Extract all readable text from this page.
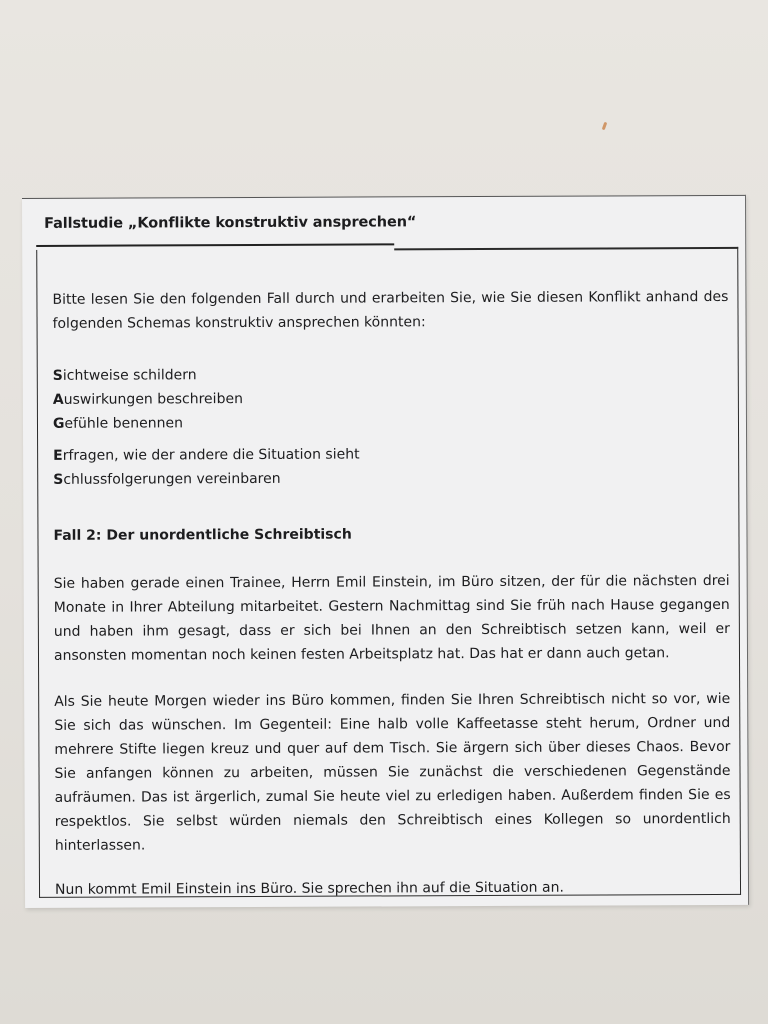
Fallstudie „Konflikte konstruktiv ansprechen“

Bitte lesen Sie den folgenden Fall durch und erarbeiten Sie, wie Sie diesen Konflikt anhand des folgenden Schemas konstruktiv ansprechen könnten:

Sichtweise schildern
Auswirkungen beschreiben
Gefühle benennen
Erfragen, wie der andere die Situation sieht
Schlussfolgerungen vereinbaren
Fall 2: Der unordentliche Schreibtisch

Sie haben gerade einen Trainee, Herrn Emil Einstein, im Büro sitzen, der für die nächsten drei Monate in Ihrer Abteilung mitarbeitet. Gestern Nachmittag sind Sie früh nach Hause gegangen und haben ihm gesagt, dass er sich bei Ihnen an den Schreibtisch setzen kann, weil er ansonsten momentan noch keinen festen Arbeitsplatz hat. Das hat er dann auch getan.

Als Sie heute Morgen wieder ins Büro kommen, finden Sie Ihren Schreibtisch nicht so vor, wie Sie sich das wünschen. Im Gegenteil: Eine halb volle Kaffeetasse steht herum, Ordner und mehrere Stifte liegen kreuz und quer auf dem Tisch. Sie ärgern sich über dieses Chaos. Bevor Sie anfangen können zu arbeiten, müssen Sie zunächst die verschiedenen Gegenstände aufräumen. Das ist ärgerlich, zumal Sie heute viel zu erledigen haben. Außerdem finden Sie es respektlos. Sie selbst würden niemals den Schreibtisch eines Kollegen so unordentlich hinterlassen.

Nun kommt Emil Einstein ins Büro. Sie sprechen ihn auf die Situation an.
